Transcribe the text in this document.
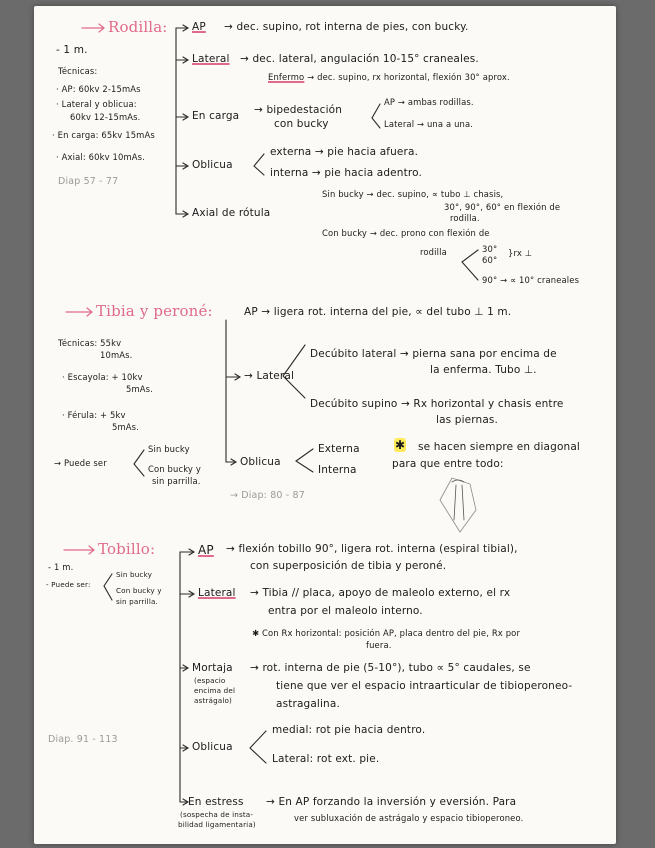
Rodilla:
- 1 m.
Técnicas:
· AP: 60kv 2-15mAs
· Lateral y oblicua:
60kv 12-15mAs.
· En carga: 65kv 15mAs
· Axial: 60kv 10mAs.
Diap 57 - 77
AP → dec. supino, rot interna de pies, con bucky.
Lateral → dec. lateral, angulación 10-15° craneales.
Enfermo → dec. supino, rx horizontal, flexión 30° aprox.
En carga → bipedestación
con bucky
AP → ambas rodillas.
Lateral → una a una.
Oblicua
externa → pie hacia afuera.
interna → pie hacia adentro.
Axial de rótula
Sin bucky → dec. supino, ∝ tubo ⊥ chasis,
30°, 90°, 60° en flexión de
rodilla.
Con bucky → dec. prono con flexión de
rodilla	30°
60°
}rx ⊥
90° → ∝ 10° craneales
Tibia y peroné:
Técnicas: 55kv
10mAs.
· Escayola: + 10kv
5mAs.
· Férula: + 5kv
5mAs.
→ Puede ser
Sin bucky
Con bucky y
sin parrilla.
AP → ligera rot. interna del pie, ∝ del tubo ⊥ 1 m.
→ Lateral
Decúbito lateral → pierna sana por encima de
la enferma. Tubo ⊥.
Decúbito supino → Rx horizontal y chasis entre
las piernas.
Oblicua
Externa
Interna
✱ se hacen siempre en diagonal
para que entre todo:
→ Diap: 80 - 87
Tobillo:
- 1 m.
- Puede ser:
Sin bucky
Con bucky y
sin parrilla.
AP → flexión tobillo 90°, ligera rot. interna (espiral tibial),
con superposición de tibia y peroné.
Lateral → Tibia // placa, apoyo de maleolo externo, el rx
entra por el maleolo interno.
✱ Con Rx horizontal: posición AP, placa dentro del pie, Rx por
fuera.
Mortaja
(espacio
encima del
astrágalo)
→ rot. interna de pie (5-10°), tubo ∝ 5° caudales, se
tiene que ver el espacio intraarticular de tibioperoneo-
astragalina.
Diap. 91 - 113
Oblicua
medial: rot pie hacia dentro.
Lateral: rot ext. pie.
En estress
(sospecha de insta-
bilidad ligamentaria)
→ En AP forzando la inversión y eversión. Para
ver subluxación de astrágalo y espacio tibioperoneo.
